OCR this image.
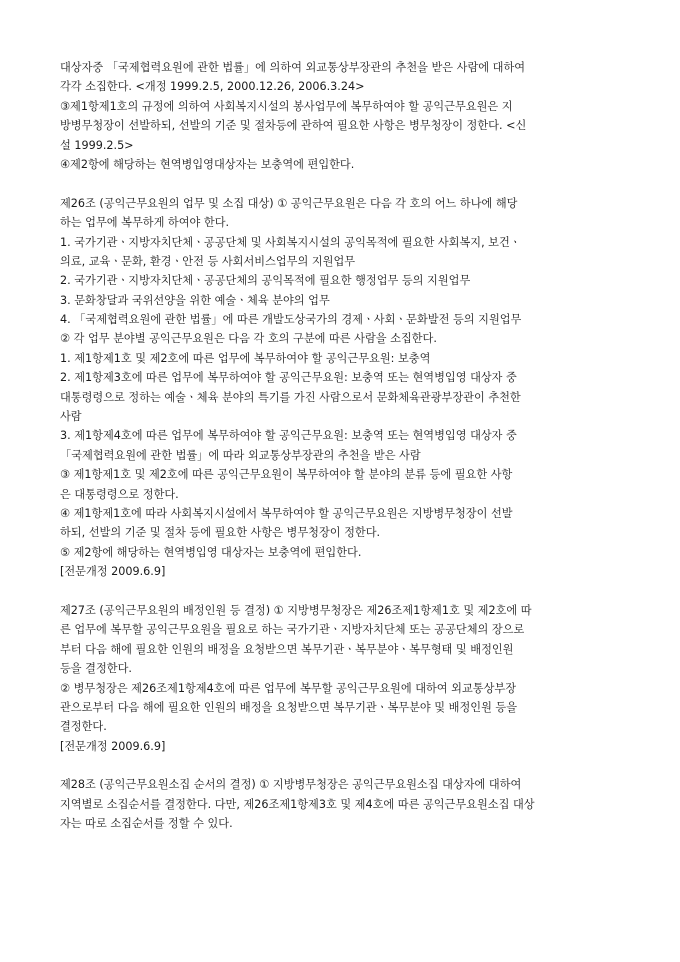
대상자중 「국제협력요원에 관한 법률」에 의하여 외교통상부장관의 추천을 받은 사람에 대하여
각각 소집한다. <개정 1999.2.5, 2000.12.26, 2006.3.24>
③제1항제1호의 규정에 의하여 사회복지시설의 봉사업무에 복무하여야 할 공익근무요원은 지
방병무청장이 선발하되, 선발의 기준 및 절차등에 관하여 필요한 사항은 병무청장이 정한다. <신
설 1999.2.5>
④제2항에 해당하는 현역병입영대상자는 보충역에 편입한다.
제26조 (공익근무요원의 업무 및 소집 대상) ① 공익근무요원은 다음 각 호의 어느 하나에 해당
하는 업무에 복무하게 하여야 한다.
1. 국가기관ㆍ지방자치단체ㆍ공공단체 및 사회복지시설의 공익목적에 필요한 사회복지, 보건ㆍ
의료, 교육ㆍ문화, 환경ㆍ안전 등 사회서비스업무의 지원업무
2. 국가기관ㆍ지방자치단체ㆍ공공단체의 공익목적에 필요한 행정업무 등의 지원업무
3. 문화창달과 국위선양을 위한 예술ㆍ체육 분야의 업무
4. 「국제협력요원에 관한 법률」에 따른 개발도상국가의 경제ㆍ사회ㆍ문화발전 등의 지원업무
② 각 업무 분야별 공익근무요원은 다음 각 호의 구분에 따른 사람을 소집한다.
1. 제1항제1호 및 제2호에 따른 업무에 복무하여야 할 공익근무요원: 보충역
2. 제1항제3호에 따른 업무에 복무하여야 할 공익근무요원: 보충역 또는 현역병입영 대상자 중
대통령령으로 정하는 예술ㆍ체육 분야의 특기를 가진 사람으로서 문화체육관광부장관이 추천한
사람
3. 제1항제4호에 따른 업무에 복무하여야 할 공익근무요원: 보충역 또는 현역병입영 대상자 중
「국제협력요원에 관한 법률」에 따라 외교통상부장관의 추천을 받은 사람
③ 제1항제1호 및 제2호에 따른 공익근무요원이 복무하여야 할 분야의 분류 등에 필요한 사항
은 대통령령으로 정한다.
④ 제1항제1호에 따라 사회복지시설에서 복무하여야 할 공익근무요원은 지방병무청장이 선발
하되, 선발의 기준 및 절차 등에 필요한 사항은 병무청장이 정한다.
⑤ 제2항에 해당하는 현역병입영 대상자는 보충역에 편입한다.
[전문개정 2009.6.9]
제27조 (공익근무요원의 배정인원 등 결정) ① 지방병무청장은 제26조제1항제1호 및 제2호에 따
른 업무에 복무할 공익근무요원을 필요로 하는 국가기관ㆍ지방자치단체 또는 공공단체의 장으로
부터 다음 해에 필요한 인원의 배정을 요청받으면 복무기관ㆍ복무분야ㆍ복무형태 및 배정인원
등을 결정한다.
② 병무청장은 제26조제1항제4호에 따른 업무에 복무할 공익근무요원에 대하여 외교통상부장
관으로부터 다음 해에 필요한 인원의 배정을 요청받으면 복무기관ㆍ복무분야 및 배정인원 등을
결정한다.
[전문개정 2009.6.9]
제28조 (공익근무요원소집 순서의 결정) ① 지방병무청장은 공익근무요원소집 대상자에 대하여
지역별로 소집순서를 결정한다. 다만, 제26조제1항제3호 및 제4호에 따른 공익근무요원소집 대상
자는 따로 소집순서를 정할 수 있다.
